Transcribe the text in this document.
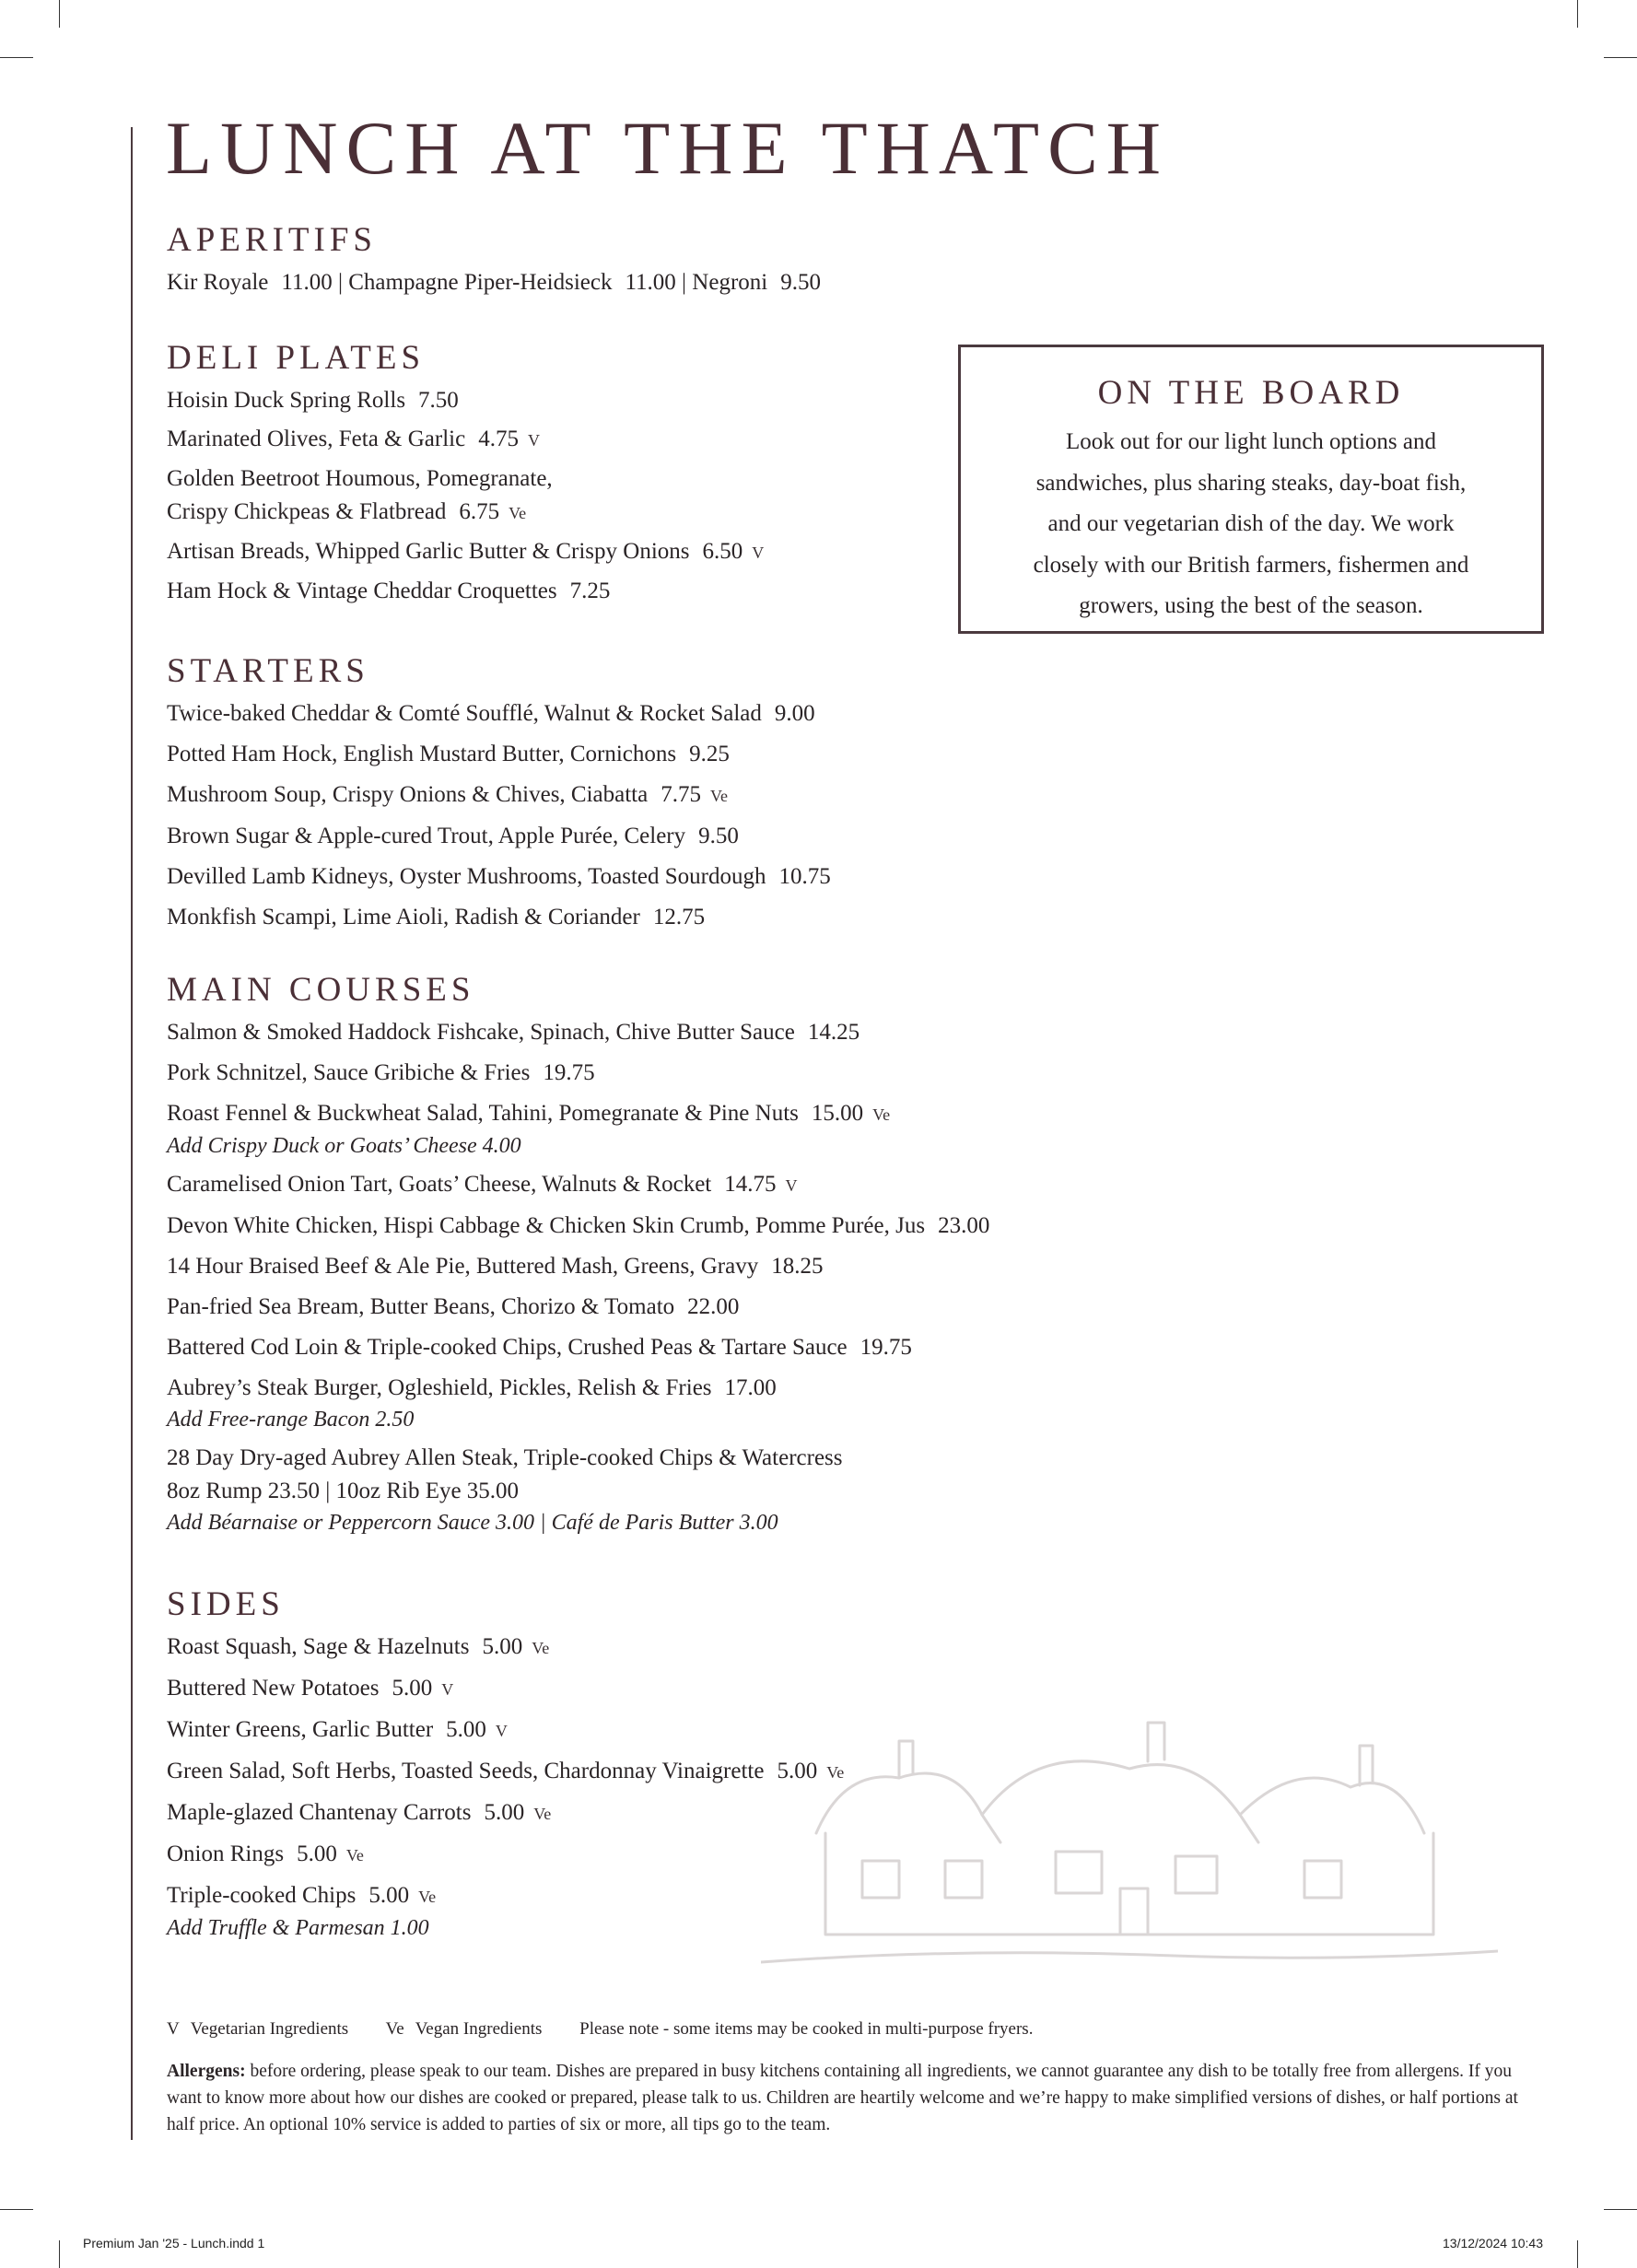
LUNCH AT THE THATCH
APERITIFS
Kir Royale 11.00 | Champagne Piper-Heidsieck 11.00 | Negroni 9.50
DELI PLATES
Hoisin Duck Spring Rolls 7.50
Marinated Olives, Feta & Garlic 4.75 V
Golden Beetroot Houmous, Pomegranate,
Crispy Chickpeas & Flatbread 6.75 Ve
Artisan Breads, Whipped Garlic Butter & Crispy Onions 6.50 V
Ham Hock & Vintage Cheddar Croquettes 7.25
ON THE BOARD

Look out for our light lunch options and
sandwiches, plus sharing steaks, day-boat fish,
and our vegetarian dish of the day. We work
closely with our British farmers, fishermen and
growers, using the best of the season.

STARTERS
Twice-baked Cheddar & Comté Soufflé, Walnut & Rocket Salad 9.00
Potted Ham Hock, English Mustard Butter, Cornichons 9.25
Mushroom Soup, Crispy Onions & Chives, Ciabatta 7.75 Ve
Brown Sugar & Apple-cured Trout, Apple Purée, Celery 9.50
Devilled Lamb Kidneys, Oyster Mushrooms, Toasted Sourdough 10.75
Monkfish Scampi, Lime Aioli, Radish & Coriander 12.75
MAIN COURSES
Salmon & Smoked Haddock Fishcake, Spinach, Chive Butter Sauce 14.25
Pork Schnitzel, Sauce Gribiche & Fries 19.75
Roast Fennel & Buckwheat Salad, Tahini, Pomegranate & Pine Nuts 15.00 Ve
Add Crispy Duck or Goats’ Cheese 4.00
Caramelised Onion Tart, Goats’ Cheese, Walnuts & Rocket 14.75 V
Devon White Chicken, Hispi Cabbage & Chicken Skin Crumb, Pomme Purée, Jus 23.00
14 Hour Braised Beef & Ale Pie, Buttered Mash, Greens, Gravy 18.25
Pan-fried Sea Bream, Butter Beans, Chorizo & Tomato 22.00
Battered Cod Loin & Triple-cooked Chips, Crushed Peas & Tartare Sauce 19.75
Aubrey’s Steak Burger, Ogleshield, Pickles, Relish & Fries 17.00
Add Free-range Bacon 2.50
28 Day Dry-aged Aubrey Allen Steak, Triple-cooked Chips & Watercress
8oz Rump 23.50 | 10oz Rib Eye 35.00
Add Béarnaise or Peppercorn Sauce 3.00 | Café de Paris Butter 3.00
SIDES
Roast Squash, Sage & Hazelnuts 5.00 Ve
Buttered New Potatoes 5.00 V
Winter Greens, Garlic Butter 5.00 V
Green Salad, Soft Herbs, Toasted Seeds, Chardonnay Vinaigrette 5.00 Ve
Maple-glazed Chantenay Carrots 5.00 Ve
Onion Rings 5.00 Ve
Triple-cooked Chips 5.00 Ve
Add Truffle & Parmesan 1.00
V Vegetarian Ingredients Ve Vegan Ingredients Please note - some items may be cooked in multi-purpose fryers.

Allergens: before ordering, please speak to our team. Dishes are prepared in busy kitchens containing all ingredients, we cannot guarantee any dish to be totally free from allergens. If you want to know more about how our dishes are cooked or prepared, please talk to us. Children are heartily welcome and we’re happy to make simplified versions of dishes, or half portions at half price. An optional 10% service is added to parties of six or more, all tips go to the team.

Premium Jan '25 - Lunch.indd 1	13/12/2024 10:43
